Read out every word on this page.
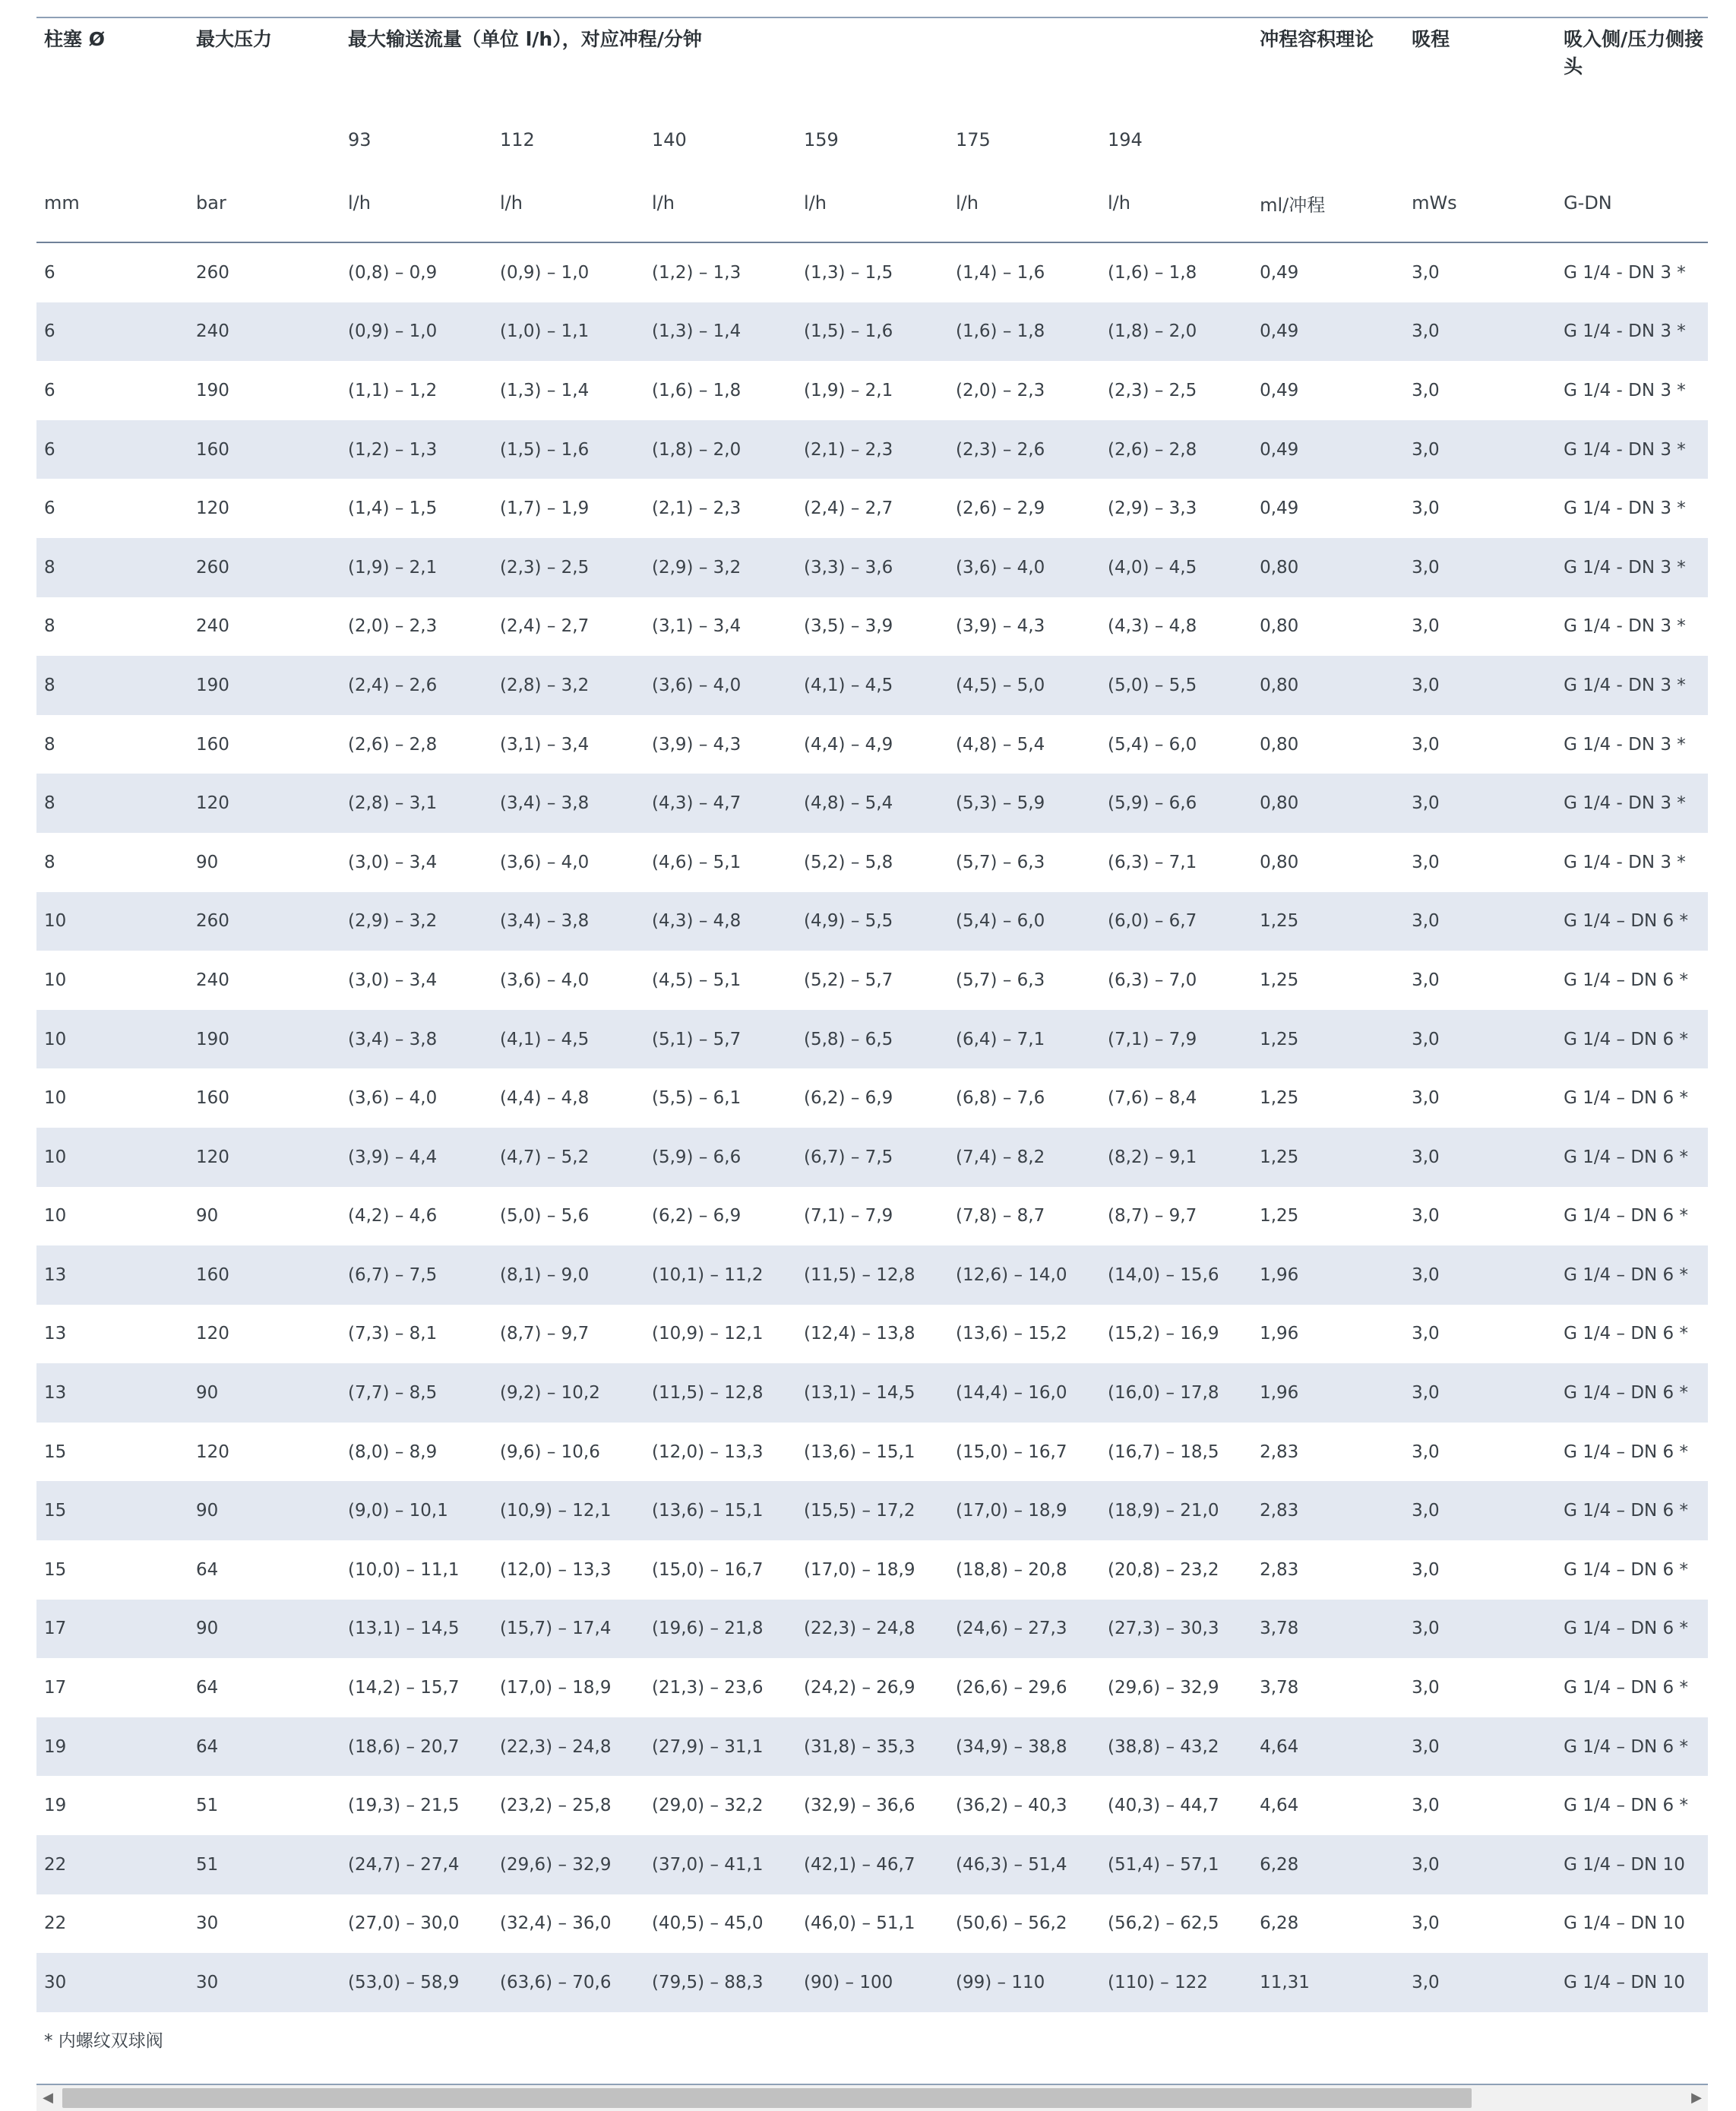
柱塞 Ø	最大压力	最大输送流量（单位 l/h），对应冲程/分钟						冲程容积理论	吸程	吸入侧/压力侧接头
		93	112	140	159	175	194			
mm	bar	l/h	l/h	l/h	l/h	l/h	l/h	ml/冲程	mWs	G-DN
6	260	(0,8) – 0,9	(0,9) – 1,0	(1,2) – 1,3	(1,3) – 1,5	(1,4) – 1,6	(1,6) – 1,8	0,49	3,0	G 1/4 - DN 3 *
6	240	(0,9) – 1,0	(1,0) – 1,1	(1,3) – 1,4	(1,5) – 1,6	(1,6) – 1,8	(1,8) – 2,0	0,49	3,0	G 1/4 - DN 3 *
6	190	(1,1) – 1,2	(1,3) – 1,4	(1,6) – 1,8	(1,9) – 2,1	(2,0) – 2,3	(2,3) – 2,5	0,49	3,0	G 1/4 - DN 3 *
6	160	(1,2) – 1,3	(1,5) – 1,6	(1,8) – 2,0	(2,1) – 2,3	(2,3) – 2,6	(2,6) – 2,8	0,49	3,0	G 1/4 - DN 3 *
6	120	(1,4) – 1,5	(1,7) – 1,9	(2,1) – 2,3	(2,4) – 2,7	(2,6) – 2,9	(2,9) – 3,3	0,49	3,0	G 1/4 - DN 3 *
8	260	(1,9) – 2,1	(2,3) – 2,5	(2,9) – 3,2	(3,3) – 3,6	(3,6) – 4,0	(4,0) – 4,5	0,80	3,0	G 1/4 - DN 3 *
8	240	(2,0) – 2,3	(2,4) – 2,7	(3,1) – 3,4	(3,5) – 3,9	(3,9) – 4,3	(4,3) – 4,8	0,80	3,0	G 1/4 - DN 3 *
8	190	(2,4) – 2,6	(2,8) – 3,2	(3,6) – 4,0	(4,1) – 4,5	(4,5) – 5,0	(5,0) – 5,5	0,80	3,0	G 1/4 - DN 3 *
8	160	(2,6) – 2,8	(3,1) – 3,4	(3,9) – 4,3	(4,4) – 4,9	(4,8) – 5,4	(5,4) – 6,0	0,80	3,0	G 1/4 - DN 3 *
8	120	(2,8) – 3,1	(3,4) – 3,8	(4,3) – 4,7	(4,8) – 5,4	(5,3) – 5,9	(5,9) – 6,6	0,80	3,0	G 1/4 - DN 3 *
8	90	(3,0) – 3,4	(3,6) – 4,0	(4,6) – 5,1	(5,2) – 5,8	(5,7) – 6,3	(6,3) – 7,1	0,80	3,0	G 1/4 - DN 3 *
10	260	(2,9) – 3,2	(3,4) – 3,8	(4,3) – 4,8	(4,9) – 5,5	(5,4) – 6,0	(6,0) – 6,7	1,25	3,0	G 1/4 – DN 6 *
10	240	(3,0) – 3,4	(3,6) – 4,0	(4,5) – 5,1	(5,2) – 5,7	(5,7) – 6,3	(6,3) – 7,0	1,25	3,0	G 1/4 – DN 6 *
10	190	(3,4) – 3,8	(4,1) – 4,5	(5,1) – 5,7	(5,8) – 6,5	(6,4) – 7,1	(7,1) – 7,9	1,25	3,0	G 1/4 – DN 6 *
10	160	(3,6) – 4,0	(4,4) – 4,8	(5,5) – 6,1	(6,2) – 6,9	(6,8) – 7,6	(7,6) – 8,4	1,25	3,0	G 1/4 – DN 6 *
10	120	(3,9) – 4,4	(4,7) – 5,2	(5,9) – 6,6	(6,7) – 7,5	(7,4) – 8,2	(8,2) – 9,1	1,25	3,0	G 1/4 – DN 6 *
10	90	(4,2) – 4,6	(5,0) – 5,6	(6,2) – 6,9	(7,1) – 7,9	(7,8) – 8,7	(8,7) – 9,7	1,25	3,0	G 1/4 – DN 6 *
13	160	(6,7) – 7,5	(8,1) – 9,0	(10,1) – 11,2	(11,5) – 12,8	(12,6) – 14,0	(14,0) – 15,6	1,96	3,0	G 1/4 – DN 6 *
13	120	(7,3) – 8,1	(8,7) – 9,7	(10,9) – 12,1	(12,4) – 13,8	(13,6) – 15,2	(15,2) – 16,9	1,96	3,0	G 1/4 – DN 6 *
13	90	(7,7) – 8,5	(9,2) – 10,2	(11,5) – 12,8	(13,1) – 14,5	(14,4) – 16,0	(16,0) – 17,8	1,96	3,0	G 1/4 – DN 6 *
15	120	(8,0) – 8,9	(9,6) – 10,6	(12,0) – 13,3	(13,6) – 15,1	(15,0) – 16,7	(16,7) – 18,5	2,83	3,0	G 1/4 – DN 6 *
15	90	(9,0) – 10,1	(10,9) – 12,1	(13,6) – 15,1	(15,5) – 17,2	(17,0) – 18,9	(18,9) – 21,0	2,83	3,0	G 1/4 – DN 6 *
15	64	(10,0) – 11,1	(12,0) – 13,3	(15,0) – 16,7	(17,0) – 18,9	(18,8) – 20,8	(20,8) – 23,2	2,83	3,0	G 1/4 – DN 6 *
17	90	(13,1) – 14,5	(15,7) – 17,4	(19,6) – 21,8	(22,3) – 24,8	(24,6) – 27,3	(27,3) – 30,3	3,78	3,0	G 1/4 – DN 6 *
17	64	(14,2) – 15,7	(17,0) – 18,9	(21,3) – 23,6	(24,2) – 26,9	(26,6) – 29,6	(29,6) – 32,9	3,78	3,0	G 1/4 – DN 6 *
19	64	(18,6) – 20,7	(22,3) – 24,8	(27,9) – 31,1	(31,8) – 35,3	(34,9) – 38,8	(38,8) – 43,2	4,64	3,0	G 1/4 – DN 6 *
19	51	(19,3) – 21,5	(23,2) – 25,8	(29,0) – 32,2	(32,9) – 36,6	(36,2) – 40,3	(40,3) – 44,7	4,64	3,0	G 1/4 – DN 6 *
22	51	(24,7) – 27,4	(29,6) – 32,9	(37,0) – 41,1	(42,1) – 46,7	(46,3) – 51,4	(51,4) – 57,1	6,28	3,0	G 1/4 – DN 10
22	30	(27,0) – 30,0	(32,4) – 36,0	(40,5) – 45,0	(46,0) – 51,1	(50,6) – 56,2	(56,2) – 62,5	6,28	3,0	G 1/4 – DN 10
30	30	(53,0) – 58,9	(63,6) – 70,6	(79,5) – 88,3	(90) – 100	(99) – 110	(110) – 122	11,31	3,0	G 1/4 – DN 10
* 内螺纹双球阀
◀	▶
